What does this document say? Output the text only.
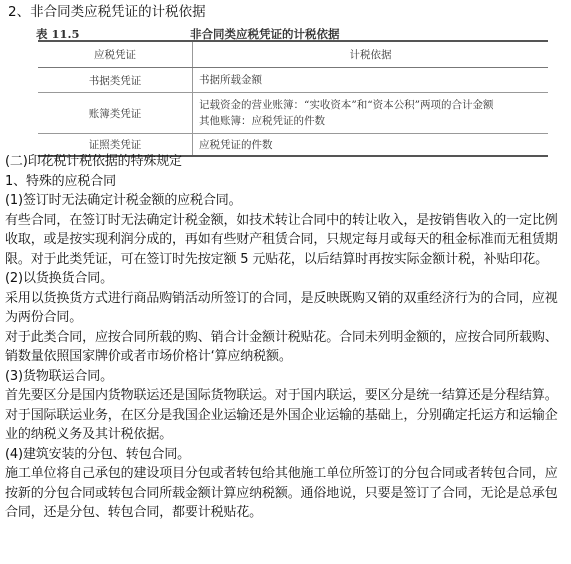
2、非合同类应税凭证的计税依据
表 11.5	非合同类应税凭证的计税依据
应税凭证	计税依据
书据类凭证	书据所载金额

账簿类凭证	记载资金的营业账簿：“实收资本”和“资本公积”两项的合计金额
其他账簿：应税凭证的件数

证照类凭证	应税凭证的件数

(二)印花税计税依据的特殊规定

1、特殊的应税合同

(1)签订时无法确定计税金额的应税合同。

有些合同，在签订时无法确定计税金额，如技术转让合同中的转让收入，是按销售收入的一定比例收取，或是按实现利润分成的，再如有些财产租赁合同，只规定每月或每天的租金标准而无租赁期限。对于此类凭证，可在签订时先按定额 5 元贴花，以后结算时再按实际金额计税，补贴印花。

(2)以货换货合同。

采用以货换货方式进行商品购销活动所签订的合同，是反映既购又销的双重经济行为的合同，应视为两份合同。

对于此类合同，应按合同所载的购、销合计金额计税贴花。合同未列明金额的，应按合同所载购、销数量依照国家牌价或者市场价格计‘算应纳税额。

(3)货物联运合同。

首先要区分是国内货物联运还是国际货物联运。对于国内联运，要区分是统一结算还是分程结算。对于国际联运业务，在区分是我国企业运输还是外国企业运输的基础上，分别确定托运方和运输企业的纳税义务及其计税依据。

(4)建筑安装的分包、转包合同。

施工单位将自己承包的建设项目分包或者转包给其他施工单位所签订的分包合同或者转包合同，应按新的分包合同或转包合同所载金额计算应纳税额。通俗地说，只要是签订了合同，无论是总承包合同，还是分包、转包合同，都要计税贴花。
